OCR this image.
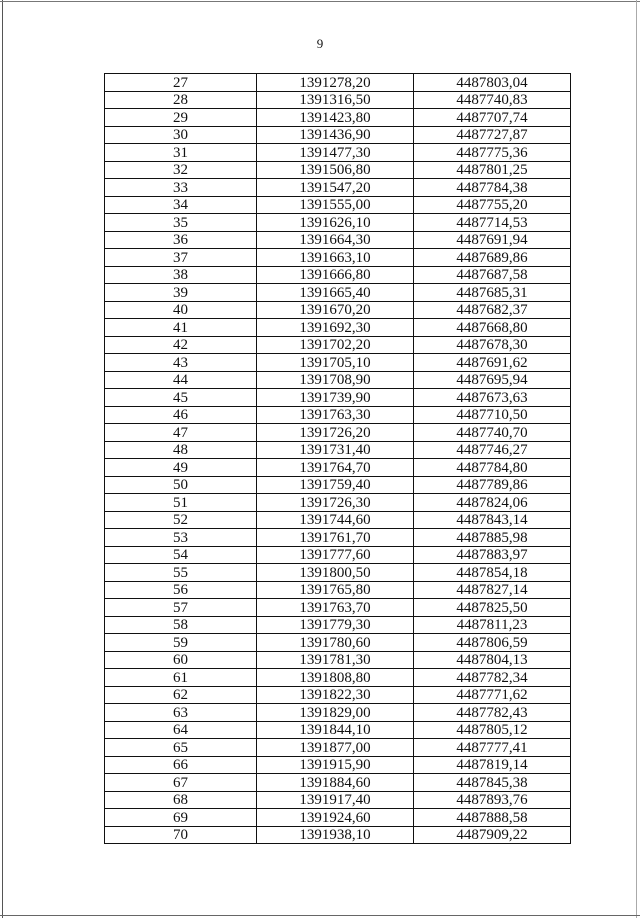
9
27	1391278,20	4487803,04
28	1391316,50	4487740,83
29	1391423,80	4487707,74
30	1391436,90	4487727,87
31	1391477,30	4487775,36
32	1391506,80	4487801,25
33	1391547,20	4487784,38
34	1391555,00	4487755,20
35	1391626,10	4487714,53
36	1391664,30	4487691,94
37	1391663,10	4487689,86
38	1391666,80	4487687,58
39	1391665,40	4487685,31
40	1391670,20	4487682,37
41	1391692,30	4487668,80
42	1391702,20	4487678,30
43	1391705,10	4487691,62
44	1391708,90	4487695,94
45	1391739,90	4487673,63
46	1391763,30	4487710,50
47	1391726,20	4487740,70
48	1391731,40	4487746,27
49	1391764,70	4487784,80
50	1391759,40	4487789,86
51	1391726,30	4487824,06
52	1391744,60	4487843,14
53	1391761,70	4487885,98
54	1391777,60	4487883,97
55	1391800,50	4487854,18
56	1391765,80	4487827,14
57	1391763,70	4487825,50
58	1391779,30	4487811,23
59	1391780,60	4487806,59
60	1391781,30	4487804,13
61	1391808,80	4487782,34
62	1391822,30	4487771,62
63	1391829,00	4487782,43
64	1391844,10	4487805,12
65	1391877,00	4487777,41
66	1391915,90	4487819,14
67	1391884,60	4487845,38
68	1391917,40	4487893,76
69	1391924,60	4487888,58
70	1391938,10	4487909,22
